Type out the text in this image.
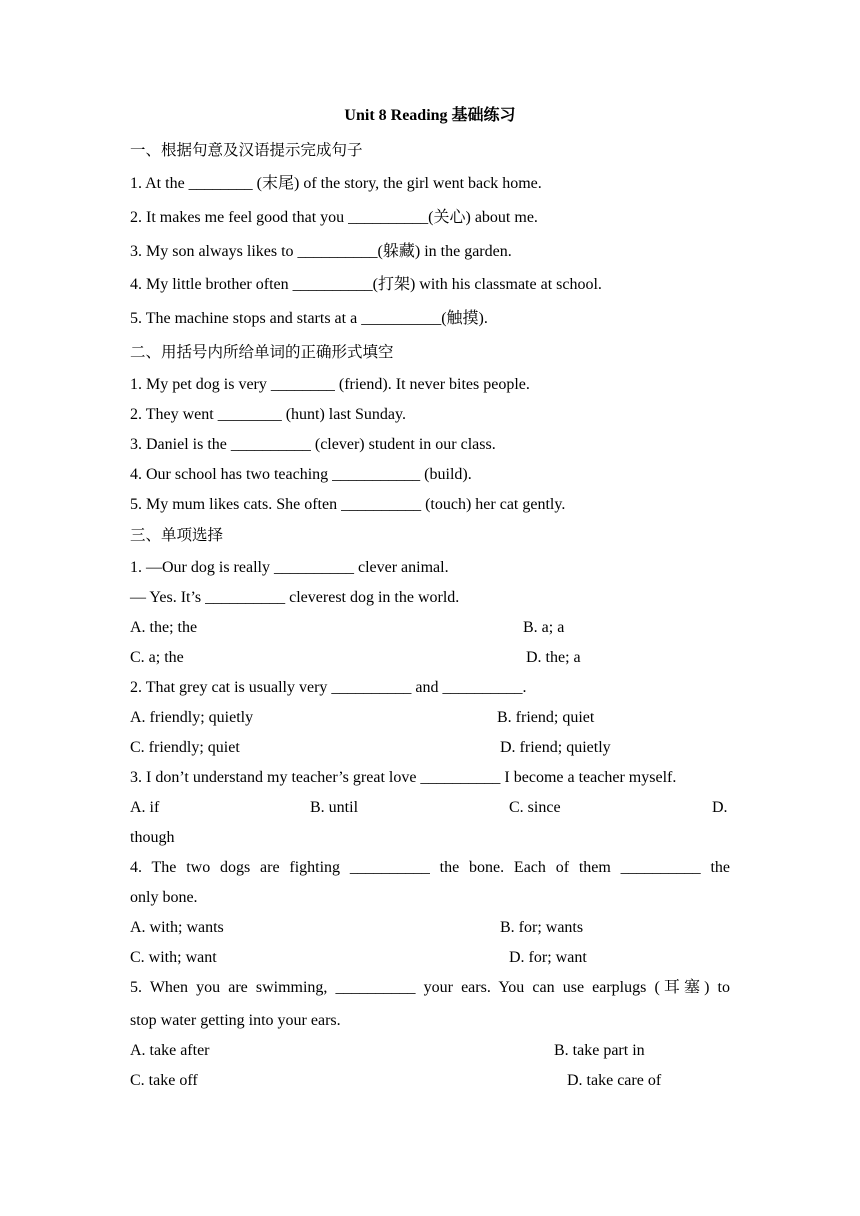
Unit 8 Reading 基础练习
一、根据句意及汉语提示完成句子
1. At the ________ (末尾) of the story, the girl went back home.
2. It makes me feel good that you __________(关心) about me.
3. My son always likes to __________(躲藏) in the garden.
4. My little brother often __________(打架) with his classmate at school.
5. The machine stops and starts at a __________(触摸).
二、用括号内所给单词的正确形式填空
1. My pet dog is very ________ (friend). It never bites people.
2. They went ________ (hunt) last Sunday.
3. Daniel is the __________ (clever) student in our class.
4. Our school has two teaching ___________ (build).
5. My mum likes cats. She often __________ (touch) her cat gently.
三、单项选择
1. —Our dog is really __________ clever animal.
— Yes. It’s __________ cleverest dog in the world.
A. the; the	B. a; a
C. a; the	D. the; a
2. That grey cat is usually very __________ and __________.
A. friendly; quietly	B. friend; quiet
C. friendly; quiet	D. friend; quietly
3. I don’t understand my teacher’s great love __________ I become a teacher myself.
A. if	B. until	C. since	D.
though
4. The two dogs are fighting __________ the bone. Each of them __________ the
only bone.
A. with; wants	B. for; wants
C. with; want	D. for; want
5. When you are swimming, __________ your ears. You can use earplugs (耳塞) to
stop water getting into your ears.
A. take after	B. take part in
C. take off	D. take care of
